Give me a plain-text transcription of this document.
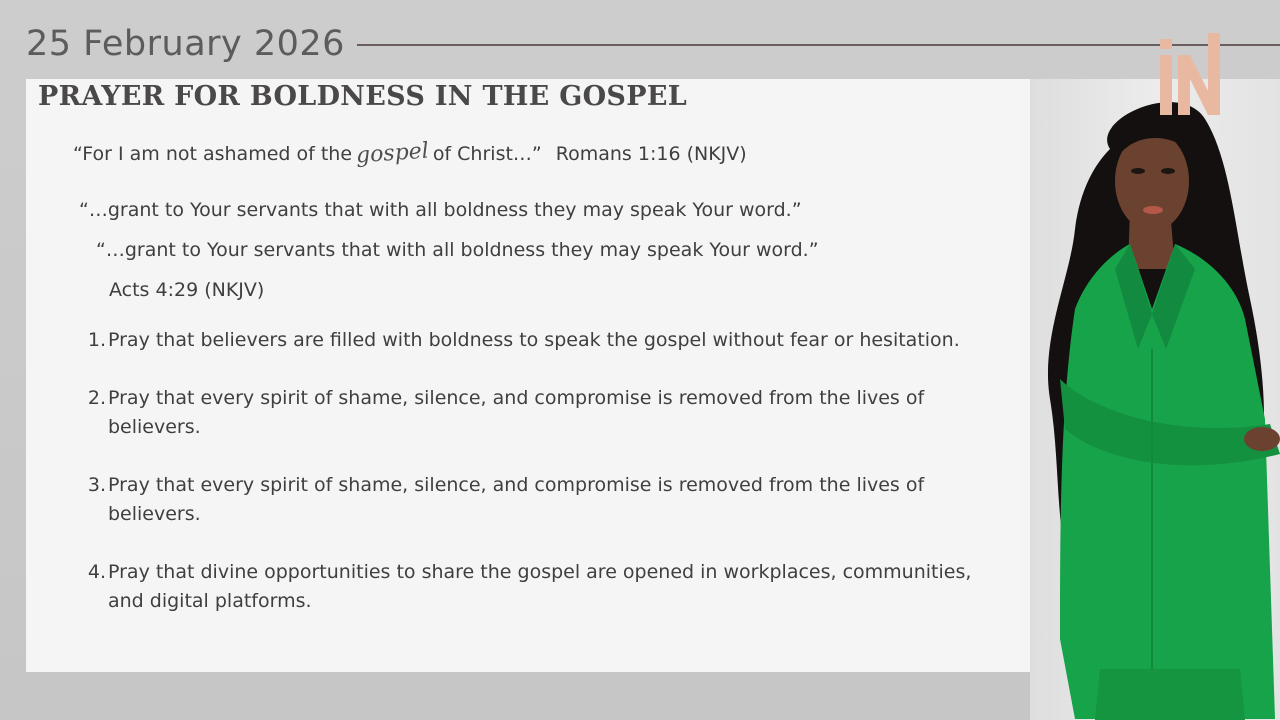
25 February 2026
PRAYER FOR BOLDNESS IN THE GOSPEL
“For I am not ashamed of the gospel of Christ…” Romans 1:16 (NKJV)
“…grant to Your servants that with all boldness they may speak Your word.”
“…grant to Your servants that with all boldness they may speak Your word.”
Acts 4:29 (NKJV)
1. Pray that believers are filled with boldness to speak the gospel without fear or hesitation.
2. Pray that every spirit of shame, silence, and compromise is removed from the lives of believers.
3. Pray that every spirit of shame, silence, and compromise is removed from the lives of believers.
4. Pray that divine opportunities to share the gospel are opened in workplaces, communities, and digital platforms.
